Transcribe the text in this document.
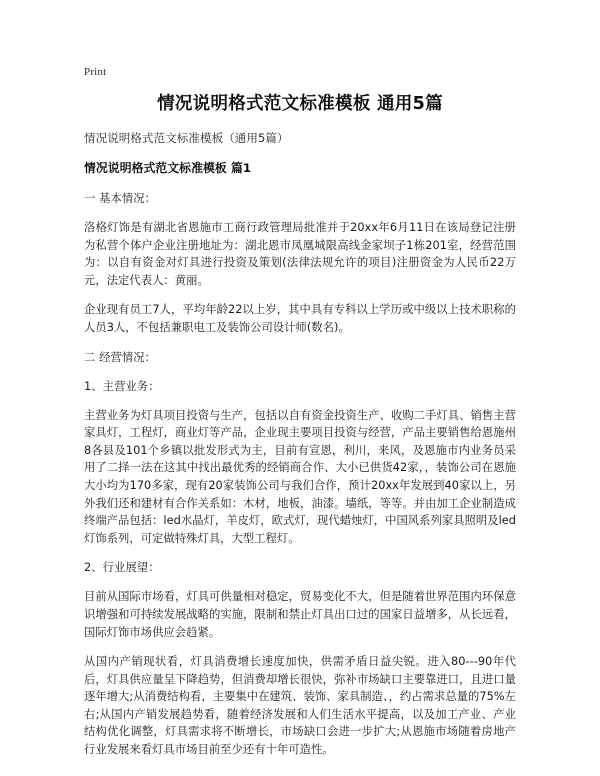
Print
情况说明格式范文标准模板 通用5篇
情况说明格式范文标准模板（通用5篇）
情况说明格式范文标准模板 篇1
一 基本情况：

洛格灯饰是有湖北省恩施市工商行政管理局批准并于20xx年6月11日在该局登记注册为私营个体户企业注册地址为：湖北恩市凤凰城限高线金家坝子1栋201室，经营范围为：以自有资金对灯具进行投资及策划(法律法规允许的项目)注册资金为人民币22万元，法定代表人：黄丽。

企业现有员工7人，平均年龄22以上岁，其中具有专科以上学历或中级以上技术职称的人员3人，不包括兼职电工及装饰公司设计师(数名)。

二 经营情况：
1、主营业务：

主营业务为灯具项目投资与生产，包括以自有资金投资生产、收购二手灯具、销售主营家具灯，工程灯，商业灯等产品，企业现主要项目投资与经营，产品主要销售给恩施州8各县及101个乡镇以批发形式为主，目前有宣恩，利川，来风，及恩施市内业务员采用了二择一法在这其中找出最优秀的经销商合作、大小已供货42家，，装饰公司在恩施大小均为170多家，现有20家装饰公司与我们合作，预计20xx年发展到40家以上，另外我们还和建材有合作关系如：木材，地板，油漆。墙纸，等等。并由加工企业制造成终端产品包括：led水晶灯，羊皮灯，欧式灯，现代蜡烛灯，中国风系列家具照明及led灯饰系列，可定做特殊灯具，大型工程灯。

2、行业展望：

目前从国际市场看，灯具可供量相对稳定，贸易变化不大，但是随着世界范围内环保意识增强和可持续发展战略的实施，限制和禁止灯具出口过的国家日益增多，从长远看，国际灯饰市场供应会趋紧。

从国内产销现状看，灯具消费增长速度加快，供需矛盾日益尖锐。进入80---90年代后，灯具供应量呈下降趋势，但消费却增长很快，弥补市场缺口主要靠进口，且进口量逐年增大;从消费结构看，主要集中在建筑、装饰、家具制造、，约占需求总量的75%左右;从国内产销发展趋势看，随着经济发展和人们生活水平提高，以及加工产业、产业结构优化调整，灯具需求将不断增长，市场缺口会进一步扩大;从恩施市场随着房地产行业发展来看灯具市场目前至少还有十年可造性。
